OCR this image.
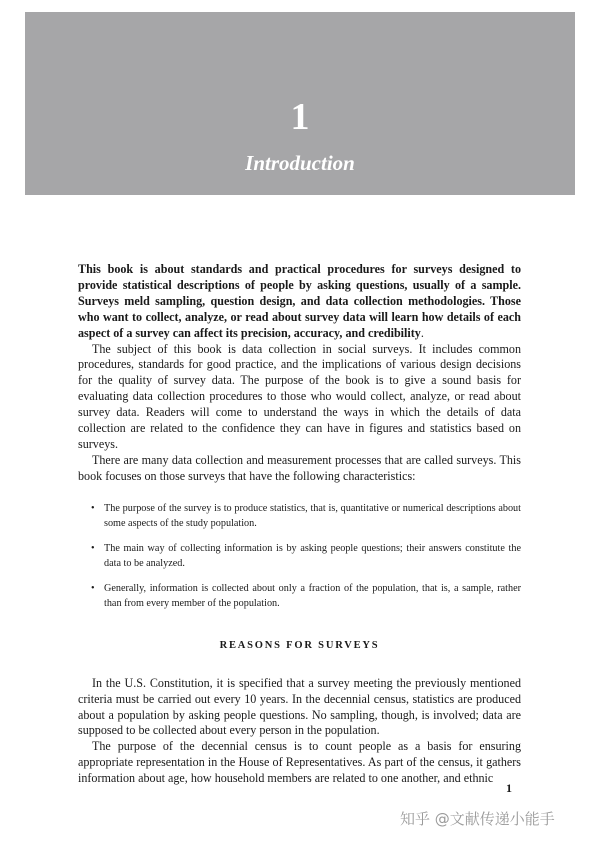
1
Introduction

This book is about standards and practical procedures for surveys designed to provide statistical descriptions of people by asking questions, usually of a sample. Surveys meld sampling, question design, and data collection methodologies. Those who want to collect, analyze, or read about survey data will learn how details of each aspect of a survey can affect its precision, accuracy, and credibility.

The subject of this book is data collection in social surveys. It includes common procedures, standards for good practice, and the implications of various design decisions for the quality of survey data. The purpose of the book is to give a sound basis for evaluating data collection procedures to those who would collect, analyze, or read about survey data. Readers will come to understand the ways in which the details of data collection are related to the confidence they can have in figures and statistics based on surveys.

There are many data collection and measurement processes that are called surveys. This book focuses on those surveys that have the following characteristics:

• The purpose of the survey is to produce statistics, that is, quantitative or numerical descriptions about some aspects of the study population.
• The main way of collecting information is by asking people questions; their answers constitute the data to be analyzed.
• Generally, information is collected about only a fraction of the population, that is, a sample, rather than from every member of the population.
REASONS FOR SURVEYS

In the U.S. Constitution, it is specified that a survey meeting the previously mentioned criteria must be carried out every 10 years. In the decennial census, statistics are produced about a population by asking people questions. No sampling, though, is involved; data are supposed to be collected about every person in the population.

The purpose of the decennial census is to count people as a basis for ensuring appropriate representation in the House of Representatives. As part of the census, it gathers information about age, how household members are related to one another, and ethnic

1
知乎 @文献传递小能手
